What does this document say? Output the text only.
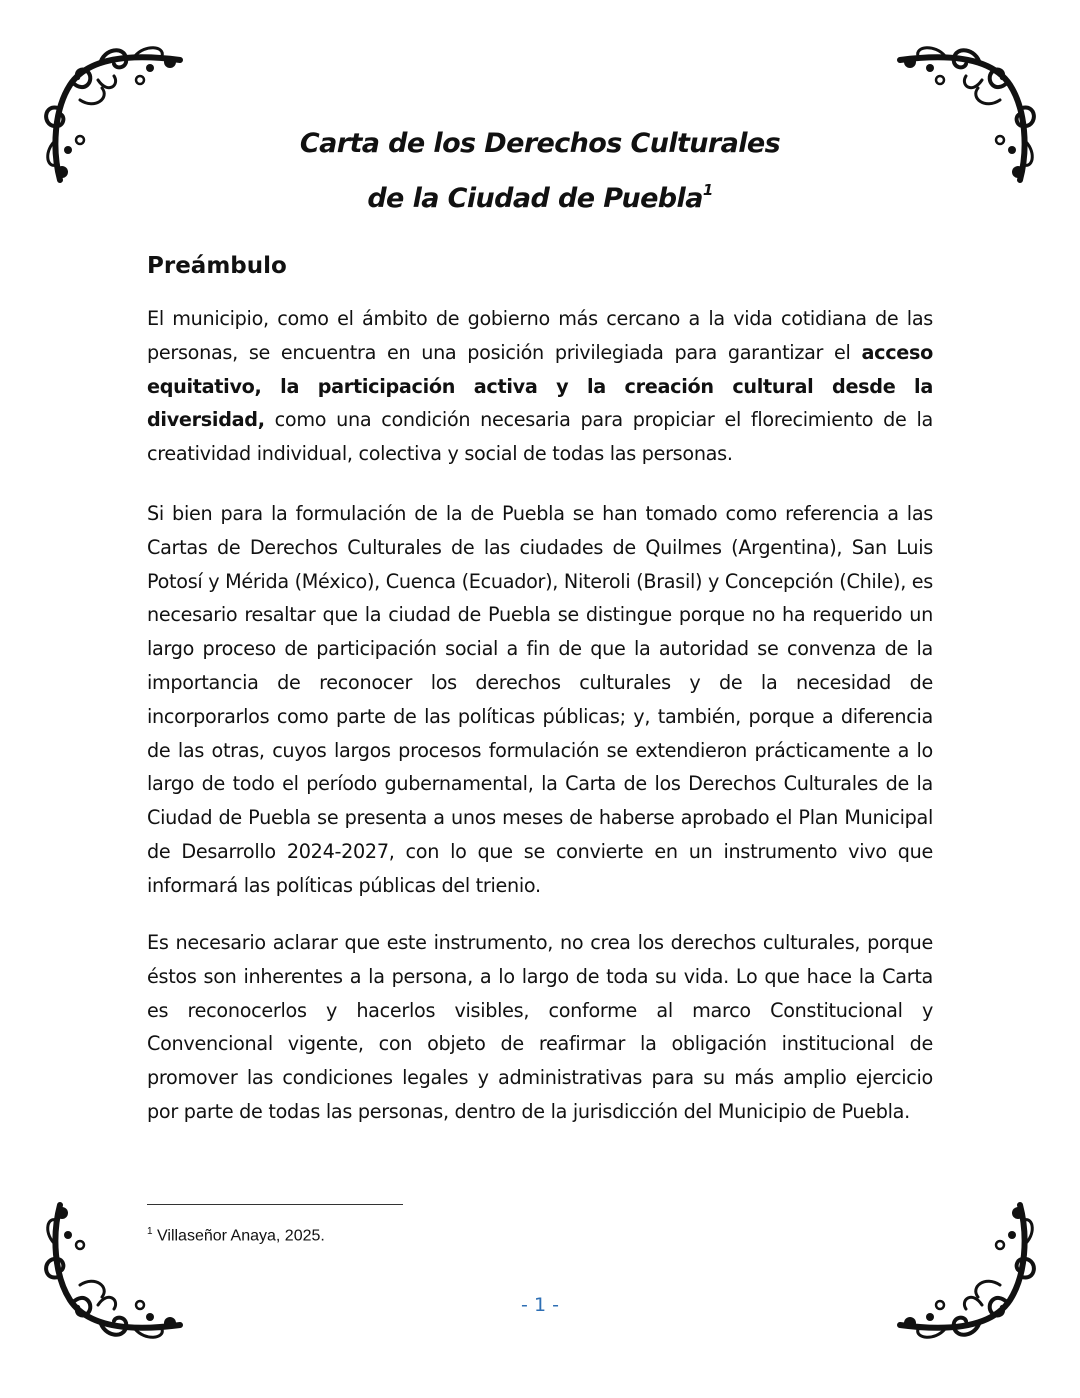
Carta de los Derechos Culturales
de la Ciudad de Puebla$^1$
Preámbulo

El municipio, como el ámbito de gobierno más cercano a la vida cotidiana de las personas, se encuentra en una posición privilegiada para garantizar el acceso equitativo, la participación activa y la creación cultural desde la diversidad, como una condición necesaria para propiciar el florecimiento de la creatividad individual, colectiva y social de todas las personas.

Si bien para la formulación de la de Puebla se han tomado como referencia a las Cartas de Derechos Culturales de las ciudades de Quilmes (Argentina), San Luis Potosí y Mérida (México), Cuenca (Ecuador), Niteroli (Brasil) y Concepción (Chile), es necesario resaltar que la ciudad de Puebla se distingue porque no ha requerido un largo proceso de participación social a fin de que la autoridad se convenza de la importancia de reconocer los derechos culturales y de la necesidad de incorporarlos como parte de las políticas públicas; y, también, porque a diferencia de las otras, cuyos largos procesos formulación se extendieron prácticamente a lo largo de todo el período gubernamental, la Carta de los Derechos Culturales de la Ciudad de Puebla se presenta a unos meses de haberse aprobado el Plan Municipal de Desarrollo 2024-2027, con lo que se convierte en un instrumento vivo que informará las políticas públicas del trienio.

Es necesario aclarar que este instrumento, no crea los derechos culturales, porque éstos son inherentes a la persona, a lo largo de toda su vida. Lo que hace la Carta es reconocerlos y hacerlos visibles, conforme al marco Constitucional y Convencional vigente, con objeto de reafirmar la obligación institucional de promover las condiciones legales y administrativas para su más amplio ejercicio por parte de todas las personas, dentro de la jurisdicción del Municipio de Puebla.

$^1$ Villaseñor Anaya, 2025.
- 1 -
